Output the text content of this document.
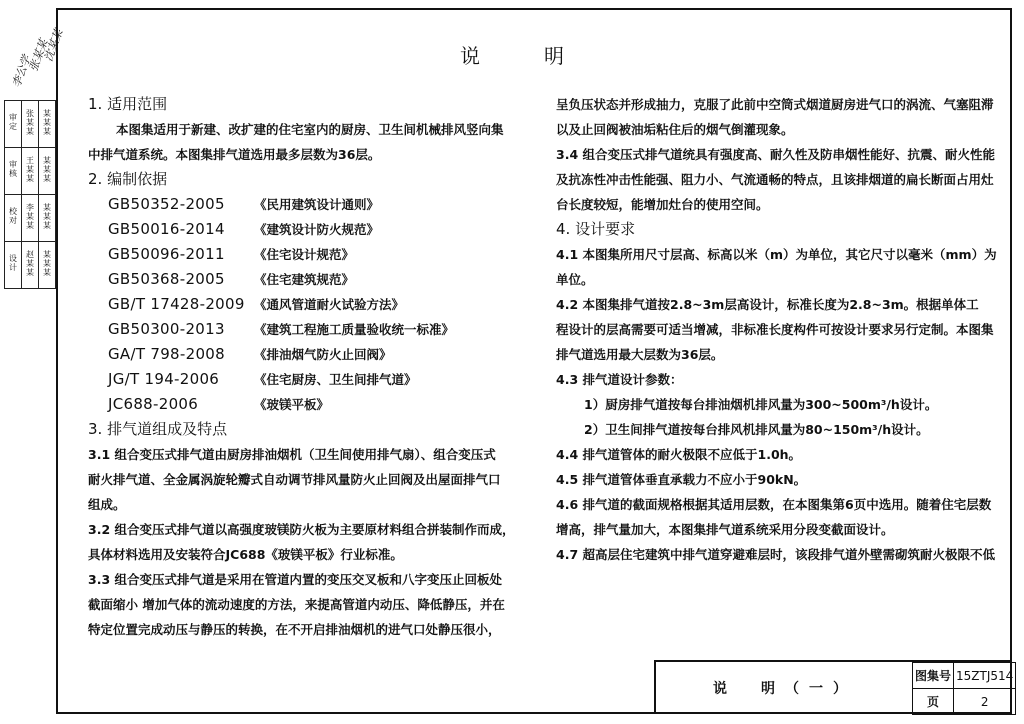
李公学
张某某
沈某某
审定	张某某	某某某
审核	王某某	某某某
校对	李某某	某某某
设计	赵某某	某某某
说　明
1. 适用范围
本图集适用于新建、改扩建的住宅室内的厨房、卫生间机械排风竖向集
中排气道系统。本图集排气道选用最多层数为36层。
2. 编制依据
GB50352-2005	《民用建筑设计通则》
GB50016-2014	《建筑设计防火规范》
GB50096-2011	《住宅设计规范》
GB50368-2005	《住宅建筑规范》
GB/T 17428-2009 《通风管道耐火试验方法》
GB50300-2013	《建筑工程施工质量验收统一标准》
GA/T 798-2008	《排油烟气防火止回阀》
JG/T 194-2006	《住宅厨房、卫生间排气道》
JC688-2006	《玻镁平板》
3. 排气道组成及特点
3.1 组合变压式排气道由厨房排油烟机（卫生间使用排气扇）、组合变压式
耐火排气道、全金属涡旋轮瓣式自动调节排风量防火止回阀及出屋面排气口
组成。
3.2 组合变压式排气道以高强度玻镁防火板为主要原材料组合拼装制作而成，
具体材料选用及安装符合JC688《玻镁平板》行业标准。
3.3 组合变压式排气道是采用在管道内置的变压交叉板和八字变压止回板处
截面缩小 增加气体的流动速度的方法，来提高管道内动压、降低静压，并在
特定位置完成动压与静压的转换，在不开启排油烟机的进气口处静压很小，
呈负压状态并形成抽力，克服了此前中空筒式烟道厨房进气口的涡流、气塞阻滞
以及止回阀被油垢粘住后的烟气倒灌现象。
3.4 组合变压式排气道统具有强度高、耐久性及防串烟性能好、抗震、耐火性能
及抗冻性冲击性能强、阻力小、气流通畅的特点，且该排烟道的扁长断面占用灶
台长度较短，能增加灶台的使用空间。
4. 设计要求
4.1 本图集所用尺寸层高、标高以米（m）为单位，其它尺寸以毫米（mm）为
单位。
4.2 本图集排气道按2.8~3m层高设计，标准长度为2.8~3m。根据单体工
程设计的层高需要可适当增减，非标准长度构件可按设计要求另行定制。本图集
排气道选用最大层数为36层。
4.3 排气道设计参数：
1）厨房排气道按每台排油烟机排风量为300~500m³/h设计。
2）卫生间排气道按每台排风机排风量为80~150m³/h设计。
4.4 排气道管体的耐火极限不应低于1.0h。
4.5 排气道管体垂直承载力不应小于90kN。
4.6 排气道的截面规格根据其适用层数，在本图集第6页中选用。随着住宅层数
增高，排气量加大，本图集排气道系统采用分段变截面设计。
4.7 超高层住宅建筑中排气道穿避难层时，该段排气道外壁需砌筑耐火极限不低
说　明（一）
图集号	15ZTJ514
页	2
